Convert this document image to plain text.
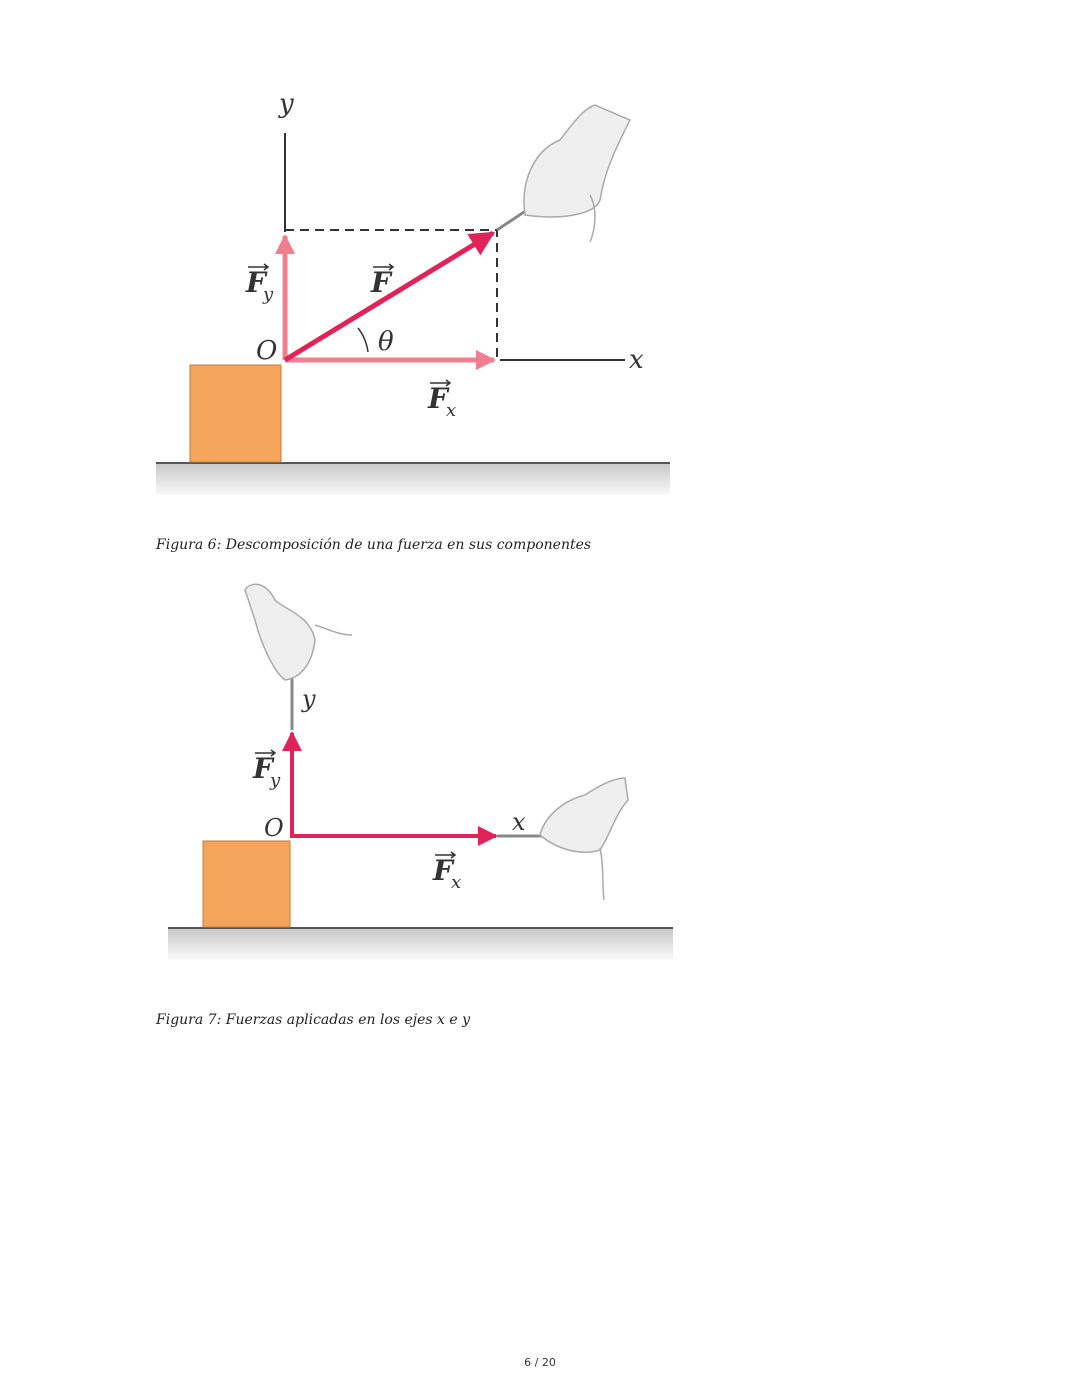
y
x
O	θ
F
F
y
F
x
y
x
O
F
y
F
x
Figura 6: Descomposición de una fuerza en sus componentes
Figura 7: Fuerzas aplicadas en los ejes x e y
6 / 20
